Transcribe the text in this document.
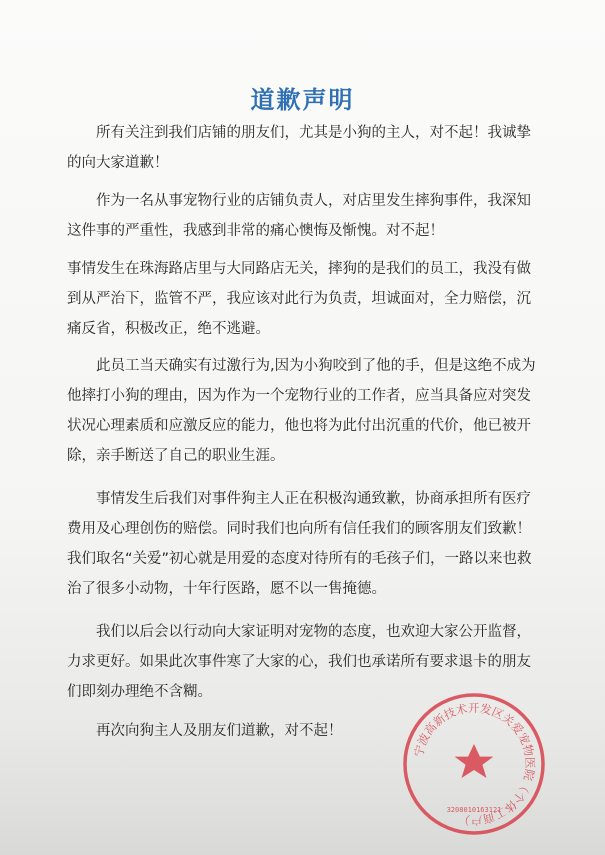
道歉声明

所有关注到我们店铺的朋友们，尤其是小狗的主人，对不起！我诚挚的向大家道歉！

作为一名从事宠物行业的店铺负责人，对店里发生摔狗事件，我深知这件事的严重性，我感到非常的痛心懊悔及惭愧。对不起！

事情发生在珠海路店里与大同路店无关，摔狗的是我们的员工，我没有做到从严治下，监管不严，我应该对此行为负责，坦诚面对，全力赔偿，沉痛反省，积极改正，绝不逃避。

此员工当天确实有过激行为,因为小狗咬到了他的手，但是这绝不成为他摔打小狗的理由，因为作为一个宠物行业的工作者，应当具备应对突发状况心理素质和应激反应的能力，他也将为此付出沉重的代价，他已被开除，亲手断送了自己的职业生涯。

事情发生后我们对事件狗主人正在积极沟通致歉，协商承担所有医疗费用及心理创伤的赔偿。同时我们也向所有信任我们的顾客朋友们致歉！我们取名“关爱”初心就是用爱的态度对待所有的毛孩子们，一路以来也救治了很多小动物，十年行医路，愿不以一售掩德。

我们以后会以行动向大家证明对宠物的态度，也欢迎大家公开监督，力求更好。如果此次事件寒了大家的心，我们也承诺所有要求退卡的朋友们即刻办理绝不含糊。

再次向狗主人及朋友们道歉，对不起！

宁波高新技术开发区关爱宠物医院（个体工商户）
3208010163121
